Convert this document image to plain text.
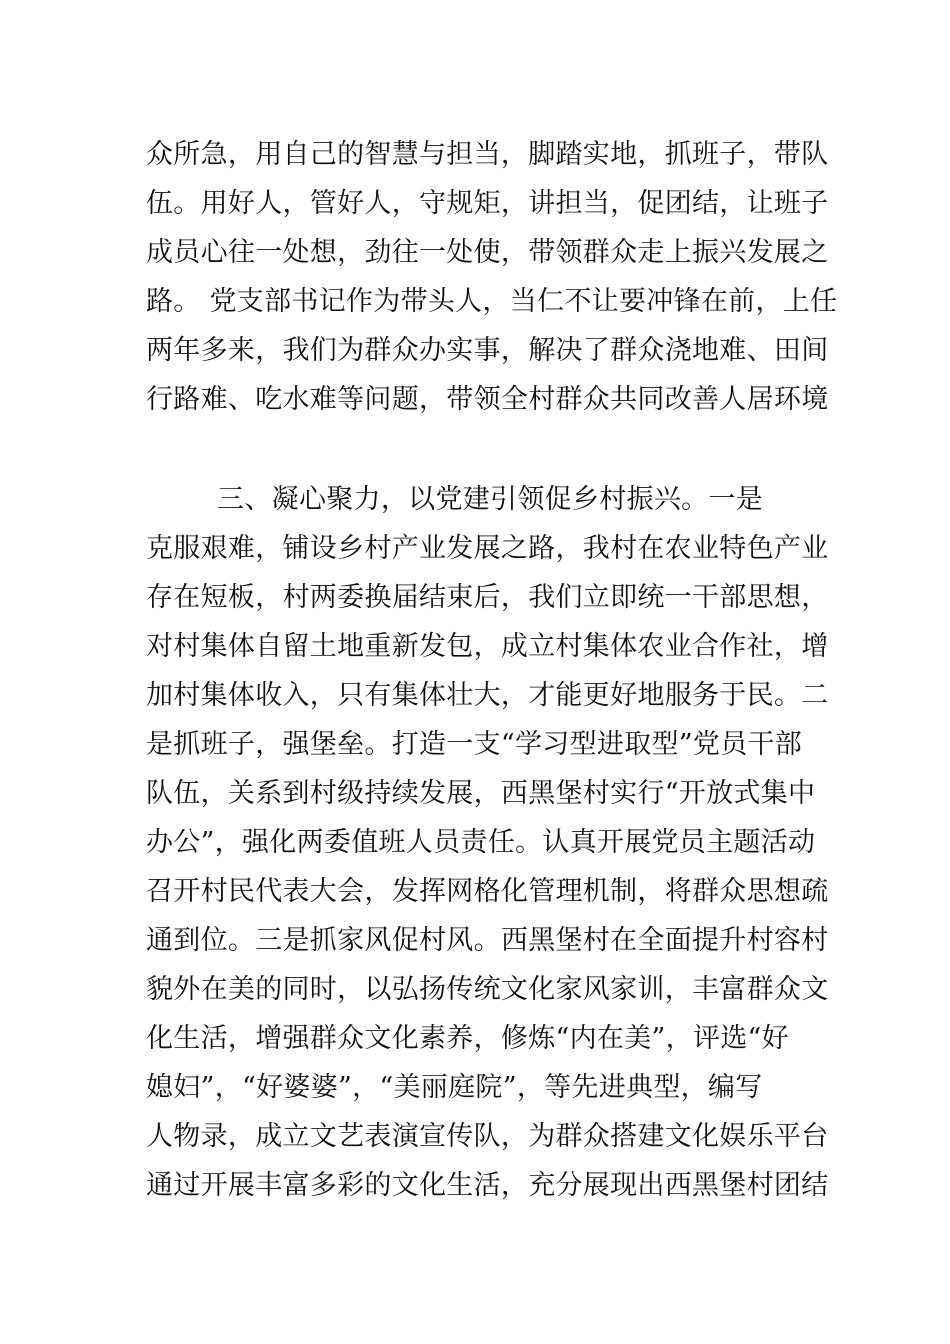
众所急，用自己的智慧与担当，脚踏实地，抓班子，带队
伍。用好人，管好人，守规矩，讲担当，促团结，让班子
成员心往一处想，劲往一处使，带领群众走上振兴发展之
路。 党支部书记作为带头人，当仁不让要冲锋在前，上任
两年多来，我们为群众办实事，解决了群众浇地难、田间
行路难、吃水难等问题，带领全村群众共同改善人居环境
三、凝心聚力，以党建引领促乡村振兴。一是
克服艰难，铺设乡村产业发展之路，我村在农业特色产业
存在短板，村两委换届结束后，我们立即统一干部思想，
对村集体自留土地重新发包，成立村集体农业合作社，增
加村集体收入，只有集体壮大，才能更好地服务于民。二
是抓班子，强堡垒。打造一支“学习型进取型”党员干部
队伍，关系到村级持续发展，西黑堡村实行“开放式集中
办公”，强化两委值班人员责任。认真开展党员主题活动
召开村民代表大会，发挥网格化管理机制，将群众思想疏
通到位。三是抓家风促村风。西黑堡村在全面提升村容村
貌外在美的同时，以弘扬传统文化家风家训，丰富群众文
化生活，增强群众文化素养，修炼“内在美”，评选“好
媳妇”，“好婆婆”，“美丽庭院”，等先进典型，编写
人物录，成立文艺表演宣传队，为群众搭建文化娱乐平台
通过开展丰富多彩的文化生活，充分展现出西黑堡村团结
